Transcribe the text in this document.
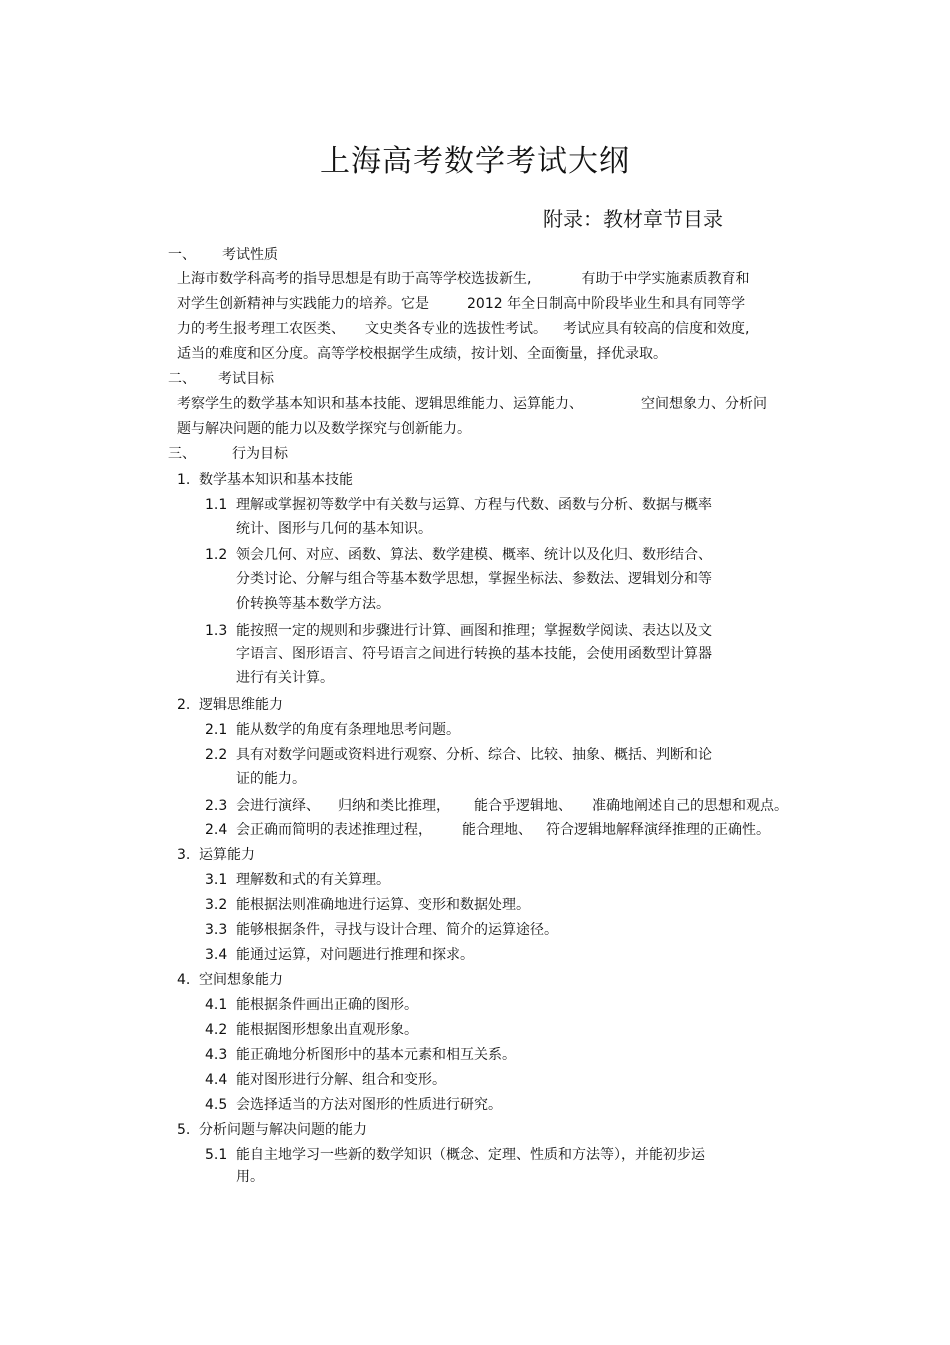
上海高考数学考试大纲
附录：教材章节目录
一、 考试性质
上海市数学科高考的指导思想是有助于高等学校选拔新生,	有助于中学实施素质教育和
对学生创新精神与实践能力的培养。它是	2012 年全日制高中阶段毕业生和具有同等学
力的考生报考理工农医类、 文史类各专业的选拔性考试。 考试应具有较高的信度和效度,
适当的难度和区分度。高等学校根据学生成绩，按计划、全面衡量，择优录取。
二、 考试目标
考察学生的数学基本知识和基本技能、逻辑思维能力、运算能力、	空间想象力、分析问
题与解决问题的能力以及数学探究与创新能力。
三、	行为目标
1. 数学基本知识和基本技能
1.1 理解或掌握初等数学中有关数与运算、方程与代数、函数与分析、数据与概率
统计、图形与几何的基本知识。
1.2 领会几何、对应、函数、算法、数学建模、概率、统计以及化归、数形结合、
分类讨论、分解与组合等基本数学思想，掌握坐标法、参数法、逻辑划分和等
价转换等基本数学方法。
1.3 能按照一定的规则和步骤进行计算、画图和推理；掌握数学阅读、表达以及文
字语言、图形语言、符号语言之间进行转换的基本技能，会使用函数型计算器
进行有关计算。
2. 逻辑思维能力
2.1 能从数学的角度有条理地思考问题。
2.2 具有对数学问题或资料进行观察、分析、综合、比较、抽象、概括、判断和论
证的能力。
2.3 会进行演绎、 归纳和类比推理， 能合乎逻辑地、 准确地阐述自己的思想和观点。
2.4 会正确而简明的表述推理过程， 能合理地、 符合逻辑地解释演绎推理的正确性。
3. 运算能力
3.1 理解数和式的有关算理。
3.2 能根据法则准确地进行运算、变形和数据处理。
3.3 能够根据条件，寻找与设计合理、简介的运算途径。
3.4 能通过运算，对问题进行推理和探求。
4. 空间想象能力
4.1 能根据条件画出正确的图形。
4.2 能根据图形想象出直观形象。
4.3 能正确地分析图形中的基本元素和相互关系。
4.4 能对图形进行分解、组合和变形。
4.5 会选择适当的方法对图形的性质进行研究。
5. 分析问题与解决问题的能力
5.1 能自主地学习一些新的数学知识（概念、定理、性质和方法等），并能初步运
用。
